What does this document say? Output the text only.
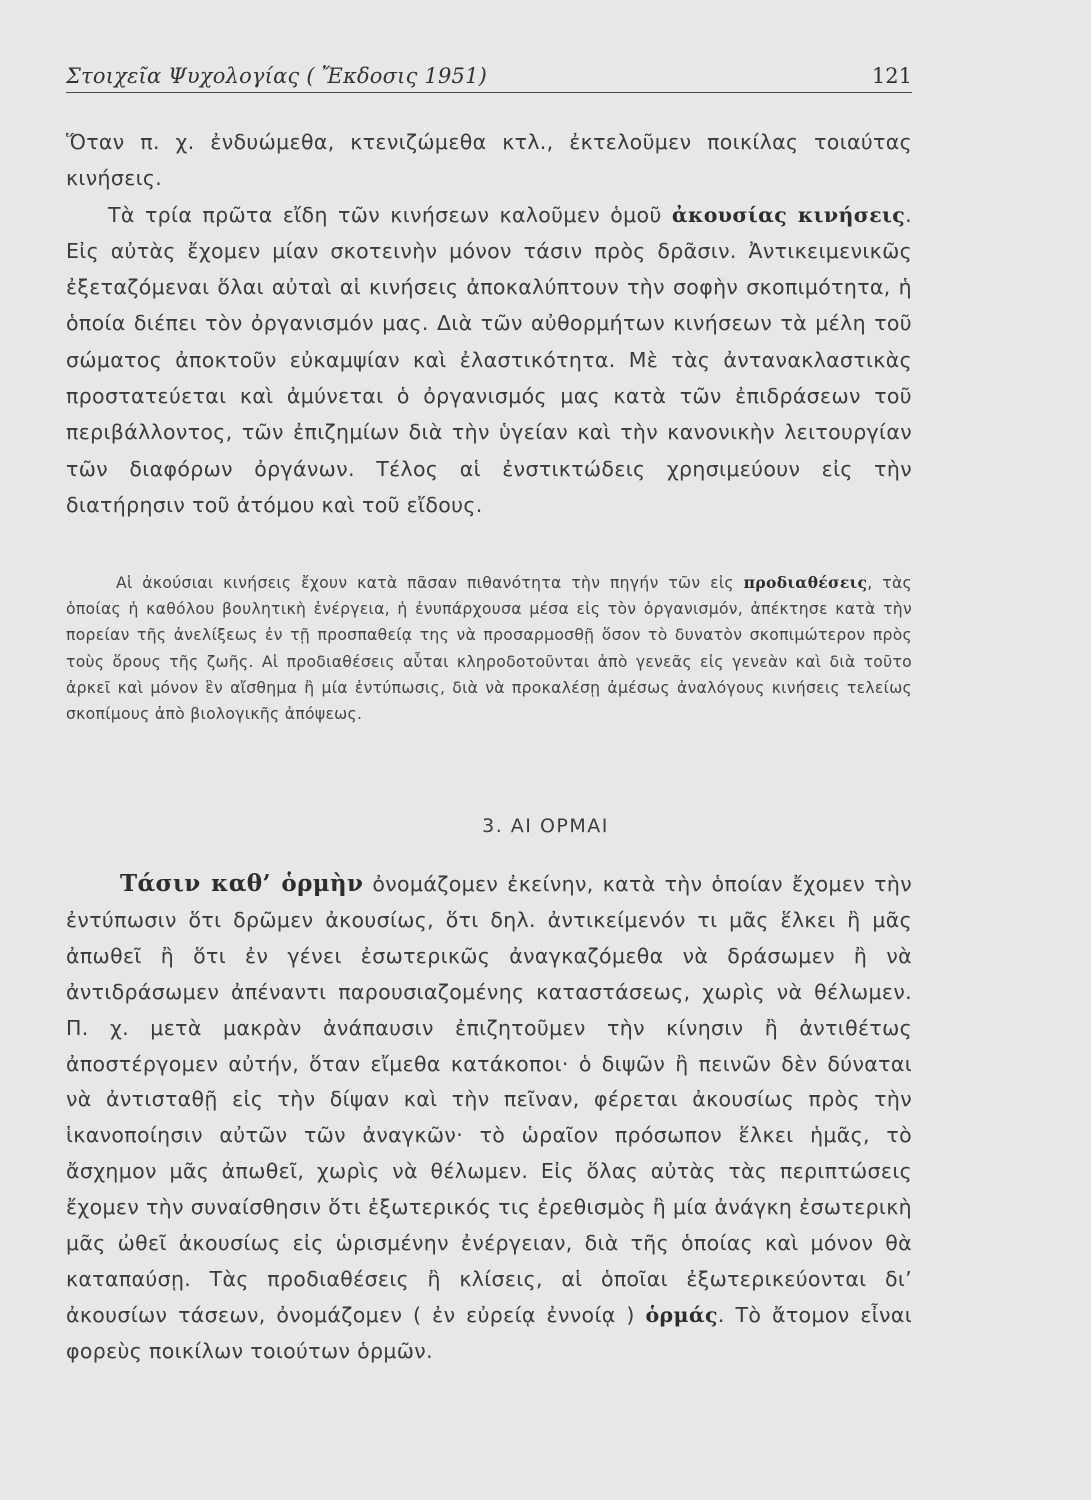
Στοιχεῖα Ψυχολογίας ( Ἔκδοσις 1951)	121

Ὅταν π. χ. ἐνδυώμεθα, κτενιζώμεθα κτλ., ἐκτελοῦμεν ποικίλας τοιαύτας κινήσεις.

Τὰ τρία πρῶτα εἴδη τῶν κινήσεων καλοῦμεν ὁμοῦ ἀκουσίας κινήσεις. Εἰς αὐτὰς ἔχομεν μίαν σκοτεινὴν μόνον τάσιν πρὸς δρᾶσιν. Ἀντικειμενικῶς ἐξεταζόμεναι ὅλαι αὐταὶ αἱ κινήσεις ἀποκαλύπτουν τὴν σοφὴν σκοπιμότητα, ἡ ὁποία διέπει τὸν ὀργανισμόν μας. Διὰ τῶν αὐθορμήτων κινήσεων τὰ μέλη τοῦ σώματος ἀποκτοῦν εὐκαμψίαν καὶ ἐλαστικότητα. Μὲ τὰς ἀντανακλαστικὰς προστατεύεται καὶ ἀμύνεται ὁ ὀργανισμός μας κατὰ τῶν ἐπιδράσεων τοῦ περιβάλλοντος, τῶν ἐπιζημίων διὰ τὴν ὑγείαν καὶ τὴν κανονικὴν λειτουργίαν τῶν διαφόρων ὀργάνων. Τέλος αἱ ἐνστικτώδεις χρησιμεύουν εἰς τὴν διατήρησιν τοῦ ἀτόμου καὶ τοῦ εἴδους.

Αἱ ἀκούσιαι κινήσεις ἔχουν κατὰ πᾶσαν πιθανότητα τὴν πηγήν τῶν εἰς προδιαθέσεις, τὰς ὁποίας ἡ καθόλου βουλητικὴ ἐνέργεια, ἡ ἐνυπάρχουσα μέσα εἰς τὸν ὀργανισμόν, ἀπέκτησε κατὰ τὴν πορείαν τῆς ἀνελίξεως ἐν τῇ προσπαθείᾳ της νὰ προσαρμοσθῇ ὅσον τὸ δυνατὸν σκοπιμώτερον πρὸς τοὺς ὅρους τῆς ζωῆς. Αἱ προδιαθέσεις αὗται κληροδοτοῦνται ἀπὸ γενεᾶς εἰς γενεὰν καὶ διὰ τοῦτο ἀρκεῖ καὶ μόνον ἓν αἴσθημα ἢ μία ἐντύπωσις, διὰ νὰ προκαλέσῃ ἀμέσως ἀναλόγους κινήσεις τελείως σκοπίμους ἀπὸ βιολογικῆς ἀπόψεως.

3. ΑΙ ΟΡΜΑΙ

Τάσιν καθ’ ὁρμὴν ὀνομάζομεν ἐκείνην, κατὰ τὴν ὁποίαν ἔχομεν τὴν ἐντύπωσιν ὅτι δρῶμεν ἀκουσίως, ὅτι δηλ. ἀντικείμενόν τι μᾶς ἕλκει ἢ μᾶς ἀπωθεῖ ἢ ὅτι ἐν γένει ἐσωτερικῶς ἀναγκαζόμεθα νὰ δράσωμεν ἢ νὰ ἀντιδράσωμεν ἀπέναντι παρουσιαζομένης καταστάσεως, χωρὶς νὰ θέλωμεν. Π. χ. μετὰ μακρὰν ἀνάπαυσιν ἐπιζητοῦμεν τὴν κίνησιν ἢ ἀντιθέτως ἀποστέργομεν αὐτήν, ὅταν εἴμεθα κατάκοποι· ὁ διψῶν ἢ πεινῶν δὲν δύναται νὰ ἀντισταθῇ εἰς τὴν δίψαν καὶ τὴν πεῖναν, φέρεται ἀκουσίως πρὸς τὴν ἱκανοποίησιν αὐτῶν τῶν ἀναγκῶν· τὸ ὡραῖον πρόσωπον ἕλκει ἡμᾶς, τὸ ἄσχημον μᾶς ἀπωθεῖ, χωρὶς νὰ θέλωμεν. Εἰς ὅλας αὐτὰς τὰς περιπτώσεις ἔχομεν τὴν συναίσθησιν ὅτι ἐξωτερικός τις ἐρεθισμὸς ἢ μία ἀνάγκη ἐσωτερικὴ μᾶς ὠθεῖ ἀκουσίως εἰς ὡρισμένην ἐνέργειαν, διὰ τῆς ὁποίας καὶ μόνον θὰ καταπαύσῃ. Τὰς προδιαθέσεις ἢ κλίσεις, αἱ ὁποῖαι ἐξωτερικεύονται δι’ ἀκουσίων τάσεων, ὀνομάζομεν ( ἐν εὐρείᾳ ἐννοίᾳ ) ὁρμάς. Τὸ ἄτομον εἶναι φορεὺς ποικίλων τοιούτων ὁρμῶν.
